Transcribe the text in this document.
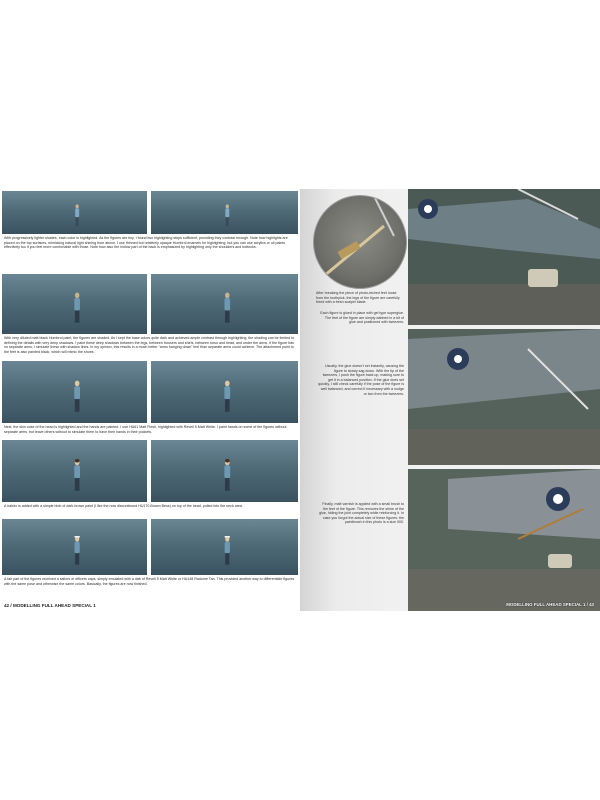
With progressively lighter shades, each color is highlighted. As the figures are tiny, I found two highlighting steps sufficient, providing they contrast enough. Note how highlights are placed on the top surfaces, mimicking natural light shining from above. I use thinned but relatively opaque Humbrol enamels for highlighting, but you can use acrylics or oil paints effectively too if you feel more comfortable with those. Note how also the hollow part of the back is emphasized by highlighting only the shoulders and bottocks.

With very diluted matt black Humbrol paint, the figures are shaded. As I kept the base colors quite dark and achieved ample contrast through highlighting, the shading can be limited to defining the details with very deep shadows. I paint these deep shadows between the legs, between trousers and shirts, between torso and head, and under the arms. If the figure has no separate arms, I simulate these with shadow lines. In my opinion, this results in a much better “arms hanging down” feel than separate arms could achieve. The attachment point to the feet is also painted black, which will mimic the shoes.

Next, the skin color of the head is highlighted and the hands are painted. I use HU61 Matt Flesh, highlighted with Revell 5 Matt White. I paint hands on some of the figures without separate arms, but leave others without to simulate them to have their hands in their pockets.

A hairdo is added with a simple blob of dark brown paint (I like the now discontinued HU170 Brown Bess) on top of the head, pulled into the neck area.

A fair part of the figures received a sailors or officers caps, simply emulated with a dab of Revell 5 Matt White or HU148 Radome Tan. This provided another way to differentiate figures with the same pose and otherwise the same colors. Basically, the figures are now finished.

42 / MODELLING FULL AHEAD SPECIAL 1

After breaking the piece of photo-etched feet loose from the toothpick, the legs of the figure are carefully freed with a fresh scalpel blade.

Each figure is glued in place with gel type superglue. The feet of the figure are simply dabbed in a bit of glue and positioned with tweezers.

Usually, the glue doesn’t set instantly, causing the figure to slowly sag down. With the tip of the tweezers, I push the figure back up, making sure to get it in a balanced position. If the glue does set quickly, I still check carefully if the pose of the figure is well balanced, and correct if necessary with a nudge or two from the tweezers.

Finally, matt varnish is applied with a small brush to the feet of the figure. This removes the shine of the glue, hiding the joint completely while reinforcing it. In case you forgot the actual size of these figures: the paintbrush in this photo is a size 000.

MODELLING FULL AHEAD SPECIAL 1 / 43
